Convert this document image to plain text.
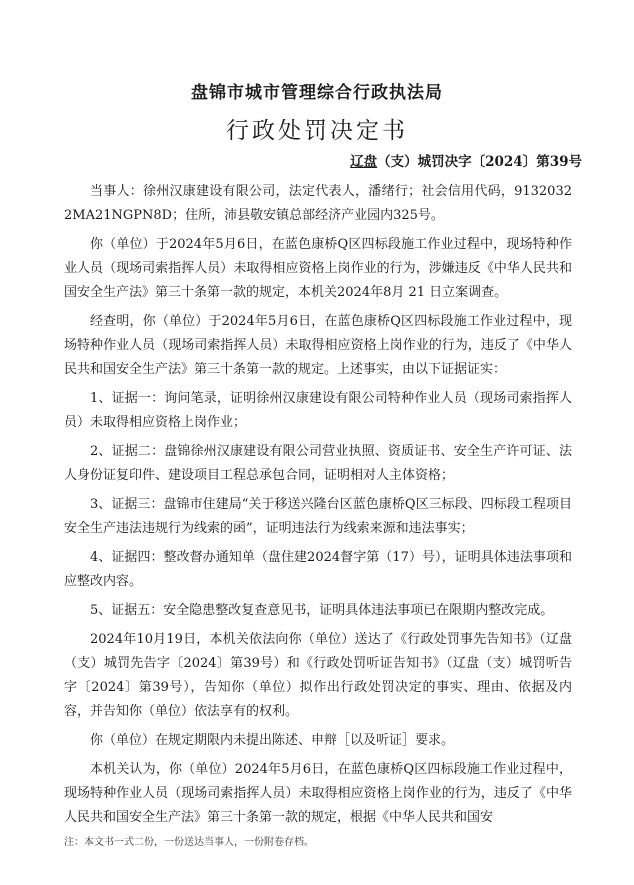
盘锦市城市管理综合行政执法局
行政处罚决定书
辽盘（支）城罚决字〔2024〕第39号

当事人：徐州汉康建设有限公司，法定代表人，潘绪行；社会信用代码，91320322MA21NGPN8D；住所，沛县敬安镇总部经济产业园内325号。

你（单位）于2024年5月6日，在蓝色康桥Q区四标段施工作业过程中，现场特种作业人员（现场司索指挥人员）未取得相应资格上岗作业的行为，涉嫌违反《中华人民共和国安全生产法》第三十条第一款的规定，本机关2024年8月 21 日立案调查。

经查明，你（单位）于2024年5月6日，在蓝色康桥Q区四标段施工作业过程中，现场特种作业人员（现场司索指挥人员）未取得相应资格上岗作业的行为，违反了《中华人民共和国安全生产法》第三十条第一款的规定。上述事实，由以下证据证实：

1、证据一：询问笔录，证明徐州汉康建设有限公司特种作业人员（现场司索指挥人员）未取得相应资格上岗作业；

2、证据二：盘锦徐州汉康建设有限公司营业执照、资质证书、安全生产许可证、法人身份证复印件、建设项目工程总承包合同，证明相对人主体资格；

3、证据三：盘锦市住建局“关于移送兴隆台区蓝色康桥Q区三标段、四标段工程项目安全生产违法违规行为线索的函”，证明违法行为线索来源和违法事实；

4、证据四：整改督办通知单（盘住建2024督字第（17）号），证明具体违法事项和应整改内容。

5、证据五：安全隐患整改复查意见书，证明具体违法事项已在限期内整改完成。

2024年10月19日，本机关依法向你（单位）送达了《行政处罚事先告知书》（辽盘（支）城罚先告字〔2024〕第39号）和《行政处罚听证告知书》（辽盘（支）城罚听告字〔2024〕第39号），告知你（单位）拟作出行政处罚决定的事实、理由、依据及内容，并告知你（单位）依法享有的权利。

你（单位）在规定期限内未提出陈述、申辩［以及听证］要求。

本机关认为，你（单位）2024年5月6日，在蓝色康桥Q区四标段施工作业过程中，现场特种作业人员（现场司索指挥人员）未取得相应资格上岗作业的行为，违反了《中华人民共和国安全生产法》第三十条第一款的规定，根据《中华人民共和国安

注：本文书一式二份，一份送达当事人，一份附卷存档。
